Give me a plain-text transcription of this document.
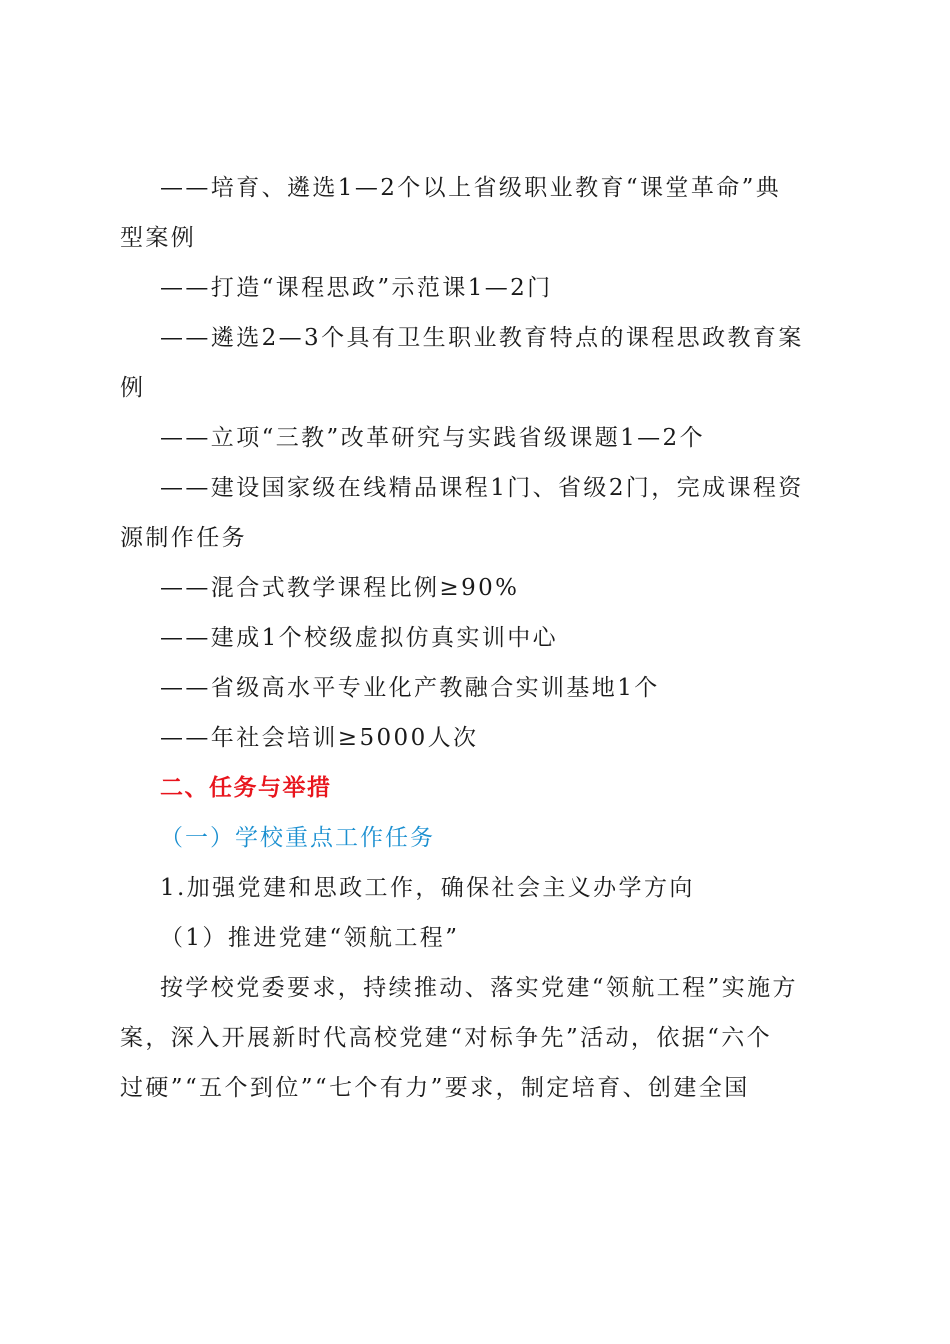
——培育、遴选1—2个以上省级职业教育“课堂革命”典
型案例
——打造“课程思政”示范课1—2门
——遴选2—3个具有卫生职业教育特点的课程思政教育案
例
——立项“三教”改革研究与实践省级课题1—2个
——建设国家级在线精品课程1门、省级2门，完成课程资
源制作任务
——混合式教学课程比例≥90%
——建成1个校级虚拟仿真实训中心
——省级高水平专业化产教融合实训基地1个
——年社会培训≥5000人次
二、任务与举措
（一）学校重点工作任务
1.加强党建和思政工作，确保社会主义办学方向
（1）推进党建“领航工程”
按学校党委要求，持续推动、落实党建“领航工程”实施方
案，深入开展新时代高校党建“对标争先”活动，依据“六个
过硬”“五个到位”“七个有力”要求，制定培育、创建全国
